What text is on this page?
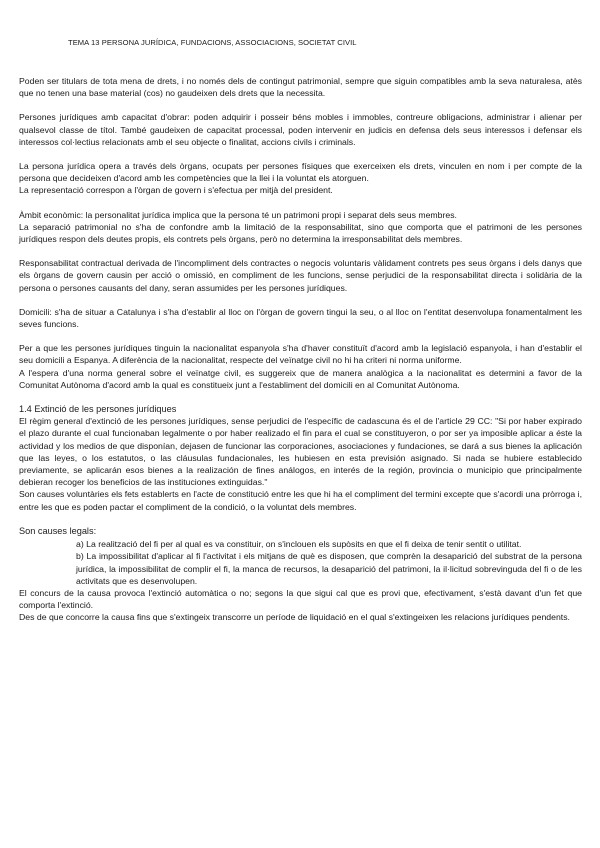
TEMA 13 PERSONA JURÍDICA, FUNDACIONS, ASSOCIACIONS, SOCIETAT CIVIL

Poden ser titulars de tota mena de drets, i no només dels de contingut patrimonial, sempre que siguin compatibles amb la seva naturalesa, atès que no tenen una base material (cos) no gaudeixen dels drets que la necessita.

Persones jurídiques amb capacitat d'obrar: poden adquirir i posseir béns mobles i immobles, contreure obligacions, administrar i alienar per qualsevol classe de títol. També gaudeixen de capacitat processal, poden intervenir en judicis en defensa dels seus interessos i defensar els interessos col·lectius relacionats amb el seu objecte o finalitat, accions civils i criminals.

La persona jurídica opera a través dels òrgans, ocupats per persones físiques que exerceixen els drets, vinculen en nom i per compte de la persona que decideixen d'acord amb les competències que la llei i la voluntat els atorguen.

La representació correspon a l'òrgan de govern i s'efectua per mitjà del president.

Àmbit econòmic: la personalitat jurídica implica que la persona té un patrimoni propi i separat dels seus membres.

La separació patrimonial no s'ha de confondre amb la limitació de la responsabilitat, sino que comporta que el patrimoni de les persones jurídiques respon dels deutes propis, els contrets pels òrgans, però no determina la irresponsabilitat dels membres.

Responsabilitat contractual derivada de l'incompliment dels contractes o negocis voluntaris vàlidament contrets pes seus òrgans i dels danys que els òrgans de govern causin per acció o omissió, en compliment de les funcions, sense perjudici de la responsabilitat directa i solidària de la persona o persones causants del dany, seran assumides per les persones jurídiques.

Domicili: s'ha de situar a Catalunya i s'ha d'establir al lloc on l'òrgan de govern tingui la seu, o al lloc on l'entitat desenvolupa fonamentalment les seves funcions.

Per a que les persones jurídiques tinguin la nacionalitat espanyola s'ha d'haver constituït d'acord amb la legislació espanyola, i han d'establir el seu domicili a Espanya. A diferència de la nacionalitat, respecte del veïnatge civil no hi ha criteri ni norma uniforme.

A l'espera d'una norma general sobre el veïnatge civil, es suggereix que de manera analògica a la nacionalitat es determini a favor de la Comunitat Autònoma d'acord amb la qual es constitueix junt a l'establiment del domicili en al Comunitat Autònoma.

1.4 Extinció de les persones jurídiques

El règim general d'extinció de les persones jurídiques, sense perjudici de l'específic de cadascuna és el de l'article 29 CC: "Si por haber expirado el plazo durante el cual funcionaban legalmente o por haber realizado el fin para el cual se constituyeron, o por ser ya imposible aplicar a éste la actividad y los medios de que disponían, dejasen de funcionar las corporaciones, asociaciones y fundaciones, se dará a sus bienes la aplicación que las leyes, o los estatutos, o las cláusulas fundacionales, les hubiesen en esta previsión asignado. Si nada se hubiere establecido previamente, se aplicarán esos bienes a la realización de fines análogos, en interés de la región, provincia o municipio que principalmente debieran recoger los beneficios de las instituciones extinguidas."

Son causes voluntàries els fets establerts en l'acte de constitució entre les que hi ha el compliment del termini excepte que s'acordi una pròrroga i, entre les que es poden pactar el compliment de la condició, o la voluntat dels membres.

Son causes legals:

a) La realització del fi per al qual es va constituir, on s'inclouen els supòsits en que el fi deixa de tenir sentit o utilitat.

b) La impossibilitat d'aplicar al fi l'activitat i els mitjans de què es disposen, que comprèn la desaparició del substrat de la persona jurídica, la impossibilitat de complir el fi, la manca de recursos, la desaparició del patrimoni, la il·licitud sobrevinguda del fi o de les activitats que es desenvolupen.

El concurs de la causa provoca l'extinció automàtica o no; segons la que sigui cal que es provi que, efectivament, s'està davant d'un fet que comporta l'extinció.

Des de que concorre la causa fins que s'extingeix transcorre un període de liquidació en el qual s'extingeixen les relacions jurídiques pendents.
